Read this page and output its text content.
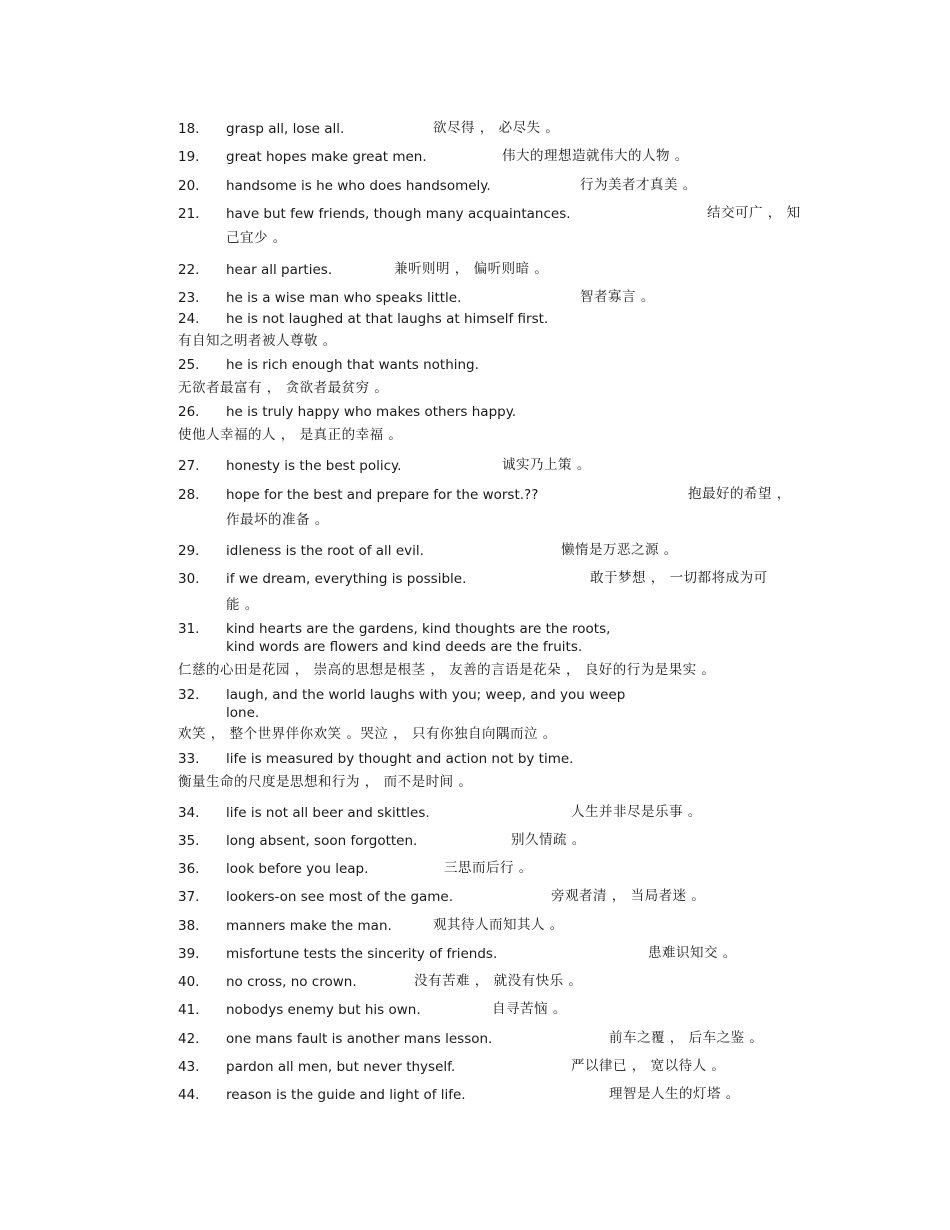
18. grasp all, lose all.	欲尽得 ， 必尽失 。
19. great hopes make great men.	伟大的理想造就伟大的人物 。
20. handsome is he who does handsomely.	行为美者才真美 。
21. have but few friends, though many acquaintances.	结交可广 ， 知
己宜少 。
22. hear all parties.	兼听则明 ， 偏听则暗 。
23. he is a wise man who speaks little.	智者寡言 。
24. he is not laughed at that laughs at himself first.
有自知之明者被人尊敬 。
25. he is rich enough that wants nothing.
无欲者最富有 ， 贪欲者最贫穷 。
26. he is truly happy who makes others happy.
使他人幸福的人 ， 是真正的幸福 。
27. honesty is the best policy.	诚实乃上策 。
28. hope for the best and prepare for the worst.??	抱最好的希望 ，
作最坏的准备 。
29. idleness is the root of all evil.	懒惰是万恶之源 。
30. if we dream, everything is possible.	敢于梦想 ， 一切都将成为可
能 。
31. kind hearts are the gardens, kind thoughts are the roots,
kind words are flowers and kind deeds are the fruits.
仁慈的心田是花园 ， 崇高的思想是根茎 ， 友善的言语是花朵 ， 良好的行为是果实 。
32. laugh, and the world laughs with you; weep, and you weep
lone.
欢笑 ， 整个世界伴你欢笑 。哭泣 ， 只有你独自向隅而泣 。
33. life is measured by thought and action not by time.
衡量生命的尺度是思想和行为 ， 而不是时间 。
34. life is not all beer and skittles.	人生并非尽是乐事 。
35. long absent, soon forgotten.	别久情疏 。
36. look before you leap.	三思而后行 。
37. lookers-on see most of the game.	旁观者清 ， 当局者迷 。
38. manners make the man.	观其待人而知其人 。
39. misfortune tests the sincerity of friends.	患难识知交 。
40. no cross, no crown.	没有苦难 ， 就没有快乐 。
41. nobodys enemy but his own.	自寻苦恼 。
42. one mans fault is another mans lesson.	前车之覆 ， 后车之鉴 。
43. pardon all men, but never thyself.	严以律已 ， 宽以待人 。
44. reason is the guide and light of life.	理智是人生的灯塔 。
